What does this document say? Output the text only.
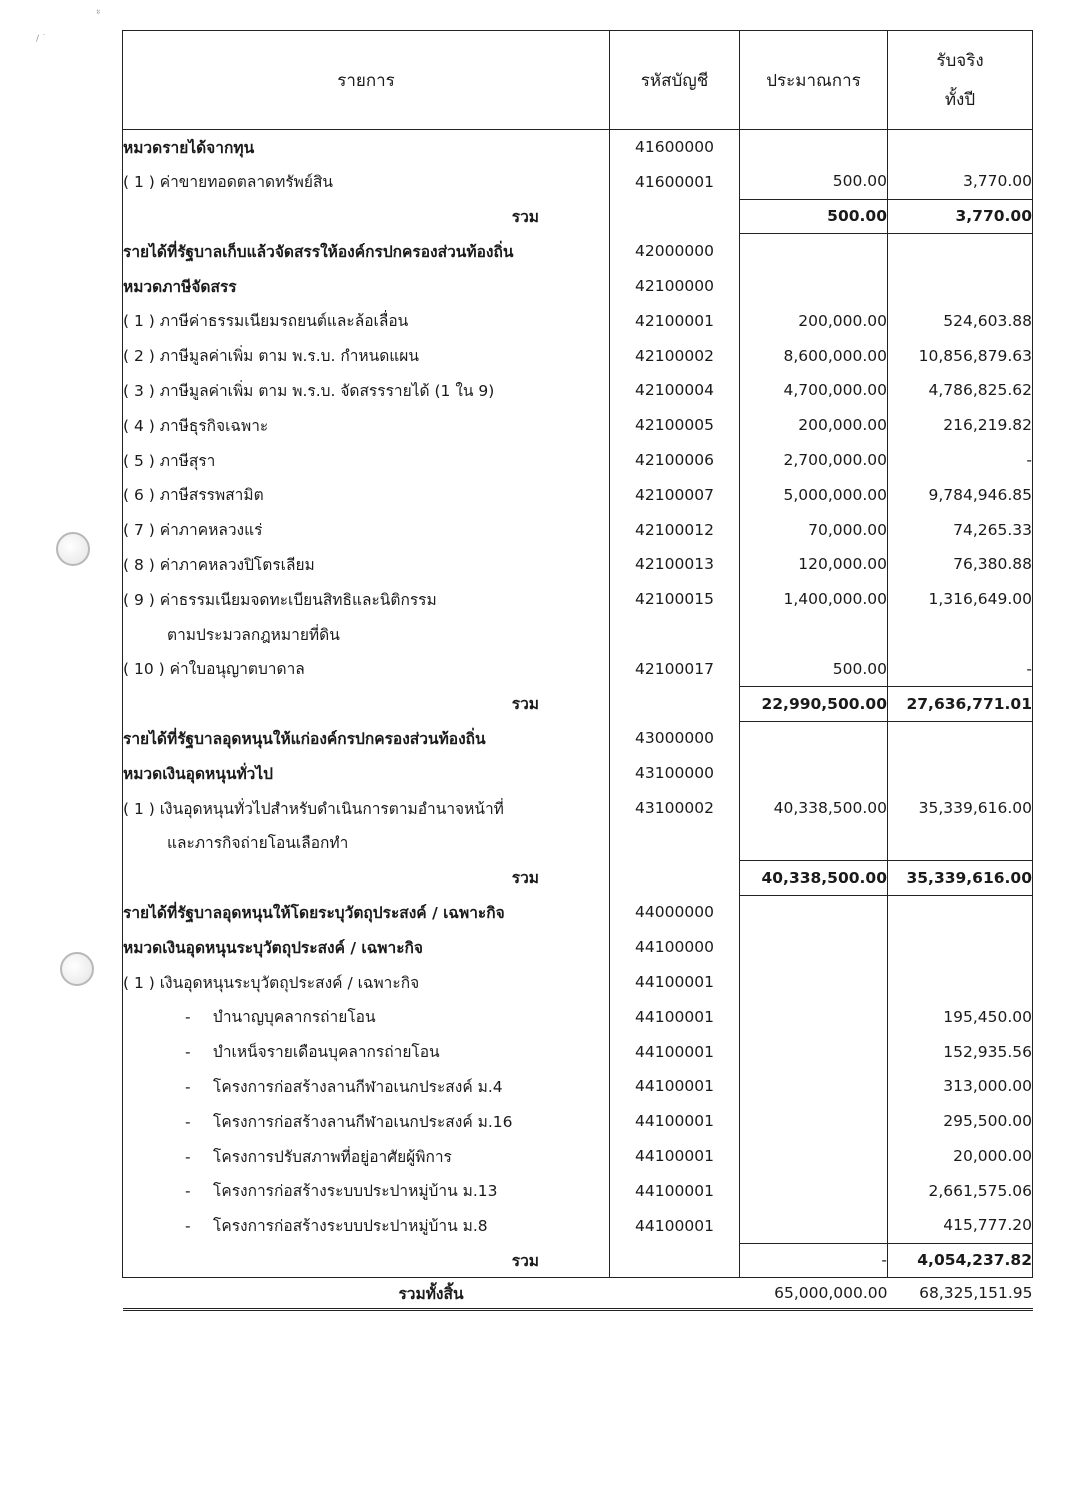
ะ
/ ˙
รายการ	รหัสบัญชี	ประมาณการ	รับจริง
ทั้งปี

หมวดรายได้จากทุน	41600000		
( 1 ) ค่าขายทอดตลาดทรัพย์สิน	41600001	500.00	3,770.00
รวม		500.00	3,770.00
รายได้ที่รัฐบาลเก็บแล้วจัดสรรให้องค์กรปกครองส่วนท้องถิ่น	42000000		
หมวดภาษีจัดสรร	42100000		
( 1 ) ภาษีค่าธรรมเนียมรถยนต์และล้อเลื่อน	42100001	200,000.00	524,603.88
( 2 ) ภาษีมูลค่าเพิ่ม ตาม พ.ร.บ. กำหนดแผน	42100002	8,600,000.00	10,856,879.63
( 3 ) ภาษีมูลค่าเพิ่ม ตาม พ.ร.บ. จัดสรรรายได้ (1 ใน 9)	42100004	4,700,000.00	4,786,825.62
( 4 ) ภาษีธุรกิจเฉพาะ	42100005	200,000.00	216,219.82
( 5 ) ภาษีสุรา	42100006	2,700,000.00	-
( 6 ) ภาษีสรรพสามิต	42100007	5,000,000.00	9,784,946.85
( 7 ) ค่าภาคหลวงแร่	42100012	70,000.00	74,265.33
( 8 ) ค่าภาคหลวงปิโตรเลียม	42100013	120,000.00	76,380.88
( 9 ) ค่าธรรมเนียมจดทะเบียนสิทธิและนิติกรรม	42100015	1,400,000.00	1,316,649.00
ตามประมวลกฎหมายที่ดิน			
( 10 ) ค่าใบอนุญาตบาดาล	42100017	500.00	-
รวม		22,990,500.00	27,636,771.01
รายได้ที่รัฐบาลอุดหนุนให้แก่องค์กรปกครองส่วนท้องถิ่น	43000000		
หมวดเงินอุดหนุนทั่วไป	43100000		
( 1 ) เงินอุดหนุนทั่วไปสำหรับดำเนินการตามอำนาจหน้าที่	43100002	40,338,500.00	35,339,616.00
และภารกิจถ่ายโอนเลือกทำ			
รวม		40,338,500.00	35,339,616.00
รายได้ที่รัฐบาลอุดหนุนให้โดยระบุวัตถุประสงค์ / เฉพาะกิจ	44000000		
หมวดเงินอุดหนุนระบุวัตถุประสงค์ / เฉพาะกิจ	44100000		
( 1 ) เงินอุดหนุนระบุวัตถุประสงค์ / เฉพาะกิจ	44100001		
- บำนาญบุคลากรถ่ายโอน	44100001		195,450.00
- บำเหน็จรายเดือนบุคลากรถ่ายโอน	44100001		152,935.56
- โครงการก่อสร้างลานกีฬาอเนกประสงค์ ม.4	44100001		313,000.00
- โครงการก่อสร้างลานกีฬาอเนกประสงค์ ม.16	44100001		295,500.00
- โครงการปรับสภาพที่อยู่อาศัยผู้พิการ	44100001		20,000.00
- โครงการก่อสร้างระบบประปาหมู่บ้าน ม.13	44100001		2,661,575.06
- โครงการก่อสร้างระบบประปาหมู่บ้าน ม.8	44100001		415,777.20
รวม		-	4,054,237.82
รวมทั้งสิ้น		65,000,000.00	68,325,151.95
